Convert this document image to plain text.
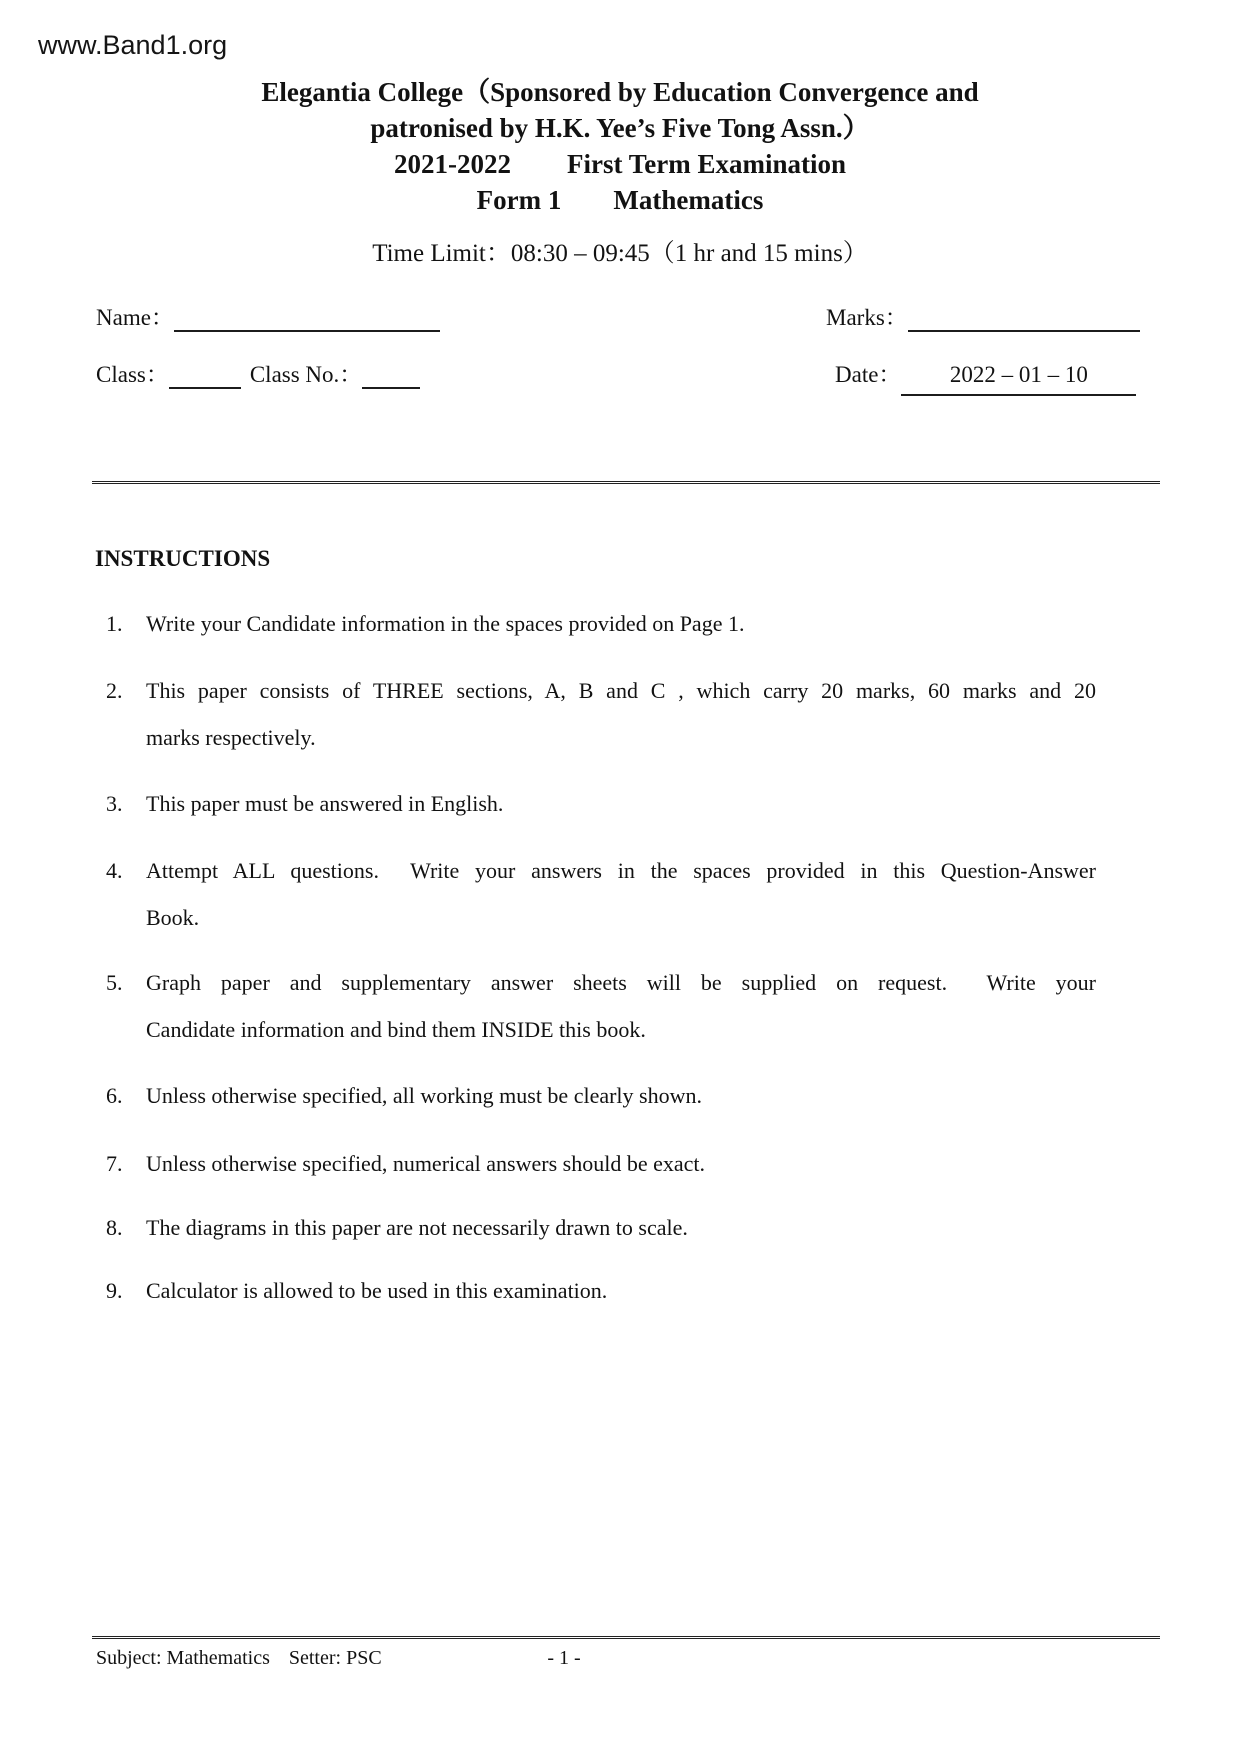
www.Band1.org
Elegantia College（Sponsored by Education Convergence and
patronised by H.K. Yee’s Five Tong Assn.）
2021-2022 First Term Examination
Form 1 Mathematics
Time Limit：08:30 – 09:45（1 hr and 15 mins）
Name：	Marks：
Class：	Class No.：	Date： 2022 – 01 – 10
INSTRUCTIONS
1.	Write your Candidate information in the spaces provided on Page 1.
2.	This paper consists of THREE sections, A, B and C , which carry 20 marks, 60 marks and 20
marks respectively.
3.	This paper must be answered in English.
4.	Attempt ALL questions.  Write your answers in the spaces provided in this Question-Answer
Book.
5.	Graph paper and supplementary answer sheets will be supplied on request.  Write your
Candidate information and bind them INSIDE this book.
6.	Unless otherwise specified, all working must be clearly shown.
7.	Unless otherwise specified, numerical answers should be exact.
8.	The diagrams in this paper are not necessarily drawn to scale.
9.	Calculator is allowed to be used in this examination.
Subject: Mathematics Setter: PSC	- 1 -
